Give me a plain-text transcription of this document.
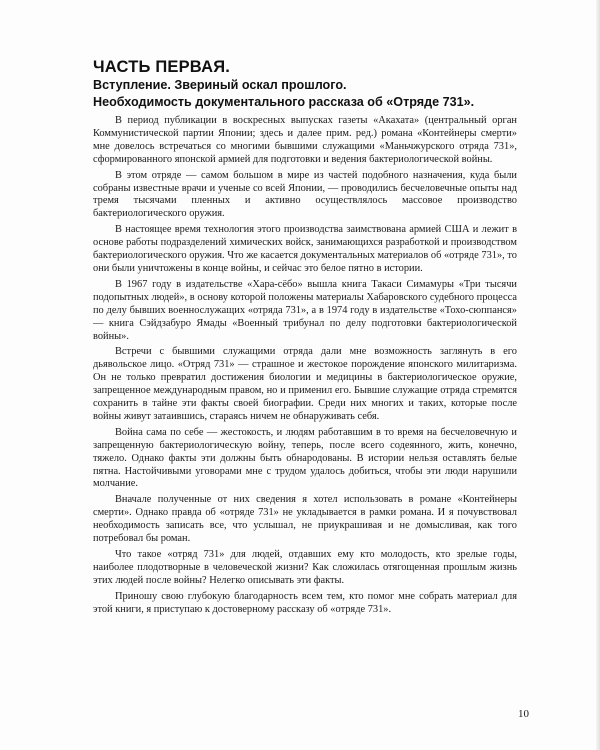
ЧАСТЬ ПЕРВАЯ.
Вступление. Звериный оскал прошлого.
Необходимость документального рассказа об «Отряде 731».

В период публикации в воскресных выпусках газеты «Акахата» (центральный орган Коммунистической партии Японии; здесь и далее прим. ред.) романа «Контейнеры смерти» мне довелось встречаться со многими бывшими служащими «Маньчжурского отряда 731», сформированного японской армией для подготовки и ведения бактериологической войны.

В этом отряде — самом большом в мире из частей подобного назначения, куда были собраны известные врачи и ученые со всей Японии, — проводились бесчеловечные опыты над тремя тысячами пленных и активно осуществлялось массовое производство бактериологического оружия.

В настоящее время технология этого производства заимствована армией США и лежит в основе работы подразделений химических войск, занимающихся разработкой и производством бактериологического оружия. Что же касается документальных материалов об «отряде 731», то они были уничтожены в конце войны, и сейчас это белое пятно в истории.

В 1967 году в издательстве «Хара-сёбо» вышла книга Такаси Симамуры «Три тысячи подопытных людей», в основу которой положены материалы Хабаровского судебного процесса по делу бывших военнослужащих «отряда 731», а в 1974 году в издательстве «Тохо-сюппанся» — книга Сэйдзабуро Ямады «Военный трибунал по делу подготовки бактериологической войны».

Встречи с бывшими служащими отряда дали мне возможность заглянуть в его дьявольское лицо. «Отряд 731» — страшное и жестокое порождение японского милитаризма. Он не только превратил достижения биологии и медицины в бактериологическое оружие, запрещенное международным правом, но и применил его. Бывшие служащие отряда стремятся сохранить в тайне эти факты своей биографии. Среди них многих и таких, которые после войны живут затаившись, стараясь ничем не обнаруживать себя.

Война сама по себе — жестокость, и людям работавшим в то время на бесчеловечную и запрещенную бактериологическую войну, теперь, после всего содеянного, жить, конечно, тяжело. Однако факты эти должны быть обнародованы. В истории нельзя оставлять белые пятна. Настойчивыми уговорами мне с трудом удалось добиться, чтобы эти люди нарушили молчание.

Вначале полученные от них сведения я хотел использовать в романе «Контейнеры смерти». Однако правда об «отряде 731» не укладывается в рамки романа. И я почувствовал необходимость записать все, что услышал, не приукрашивая и не домысливая, как того потребовал бы роман.

Что такое «отряд 731» для людей, отдавших ему кто молодость, кто зрелые годы, наиболее плодотворные в человеческой жизни? Как сложилась отягощенная прошлым жизнь этих людей после войны? Нелегко описывать эти факты.

Приношу свою глубокую благодарность всем тем, кто помог мне собрать материал для этой книги, я приступаю к достоверному рассказу об «отряде 731».

10
